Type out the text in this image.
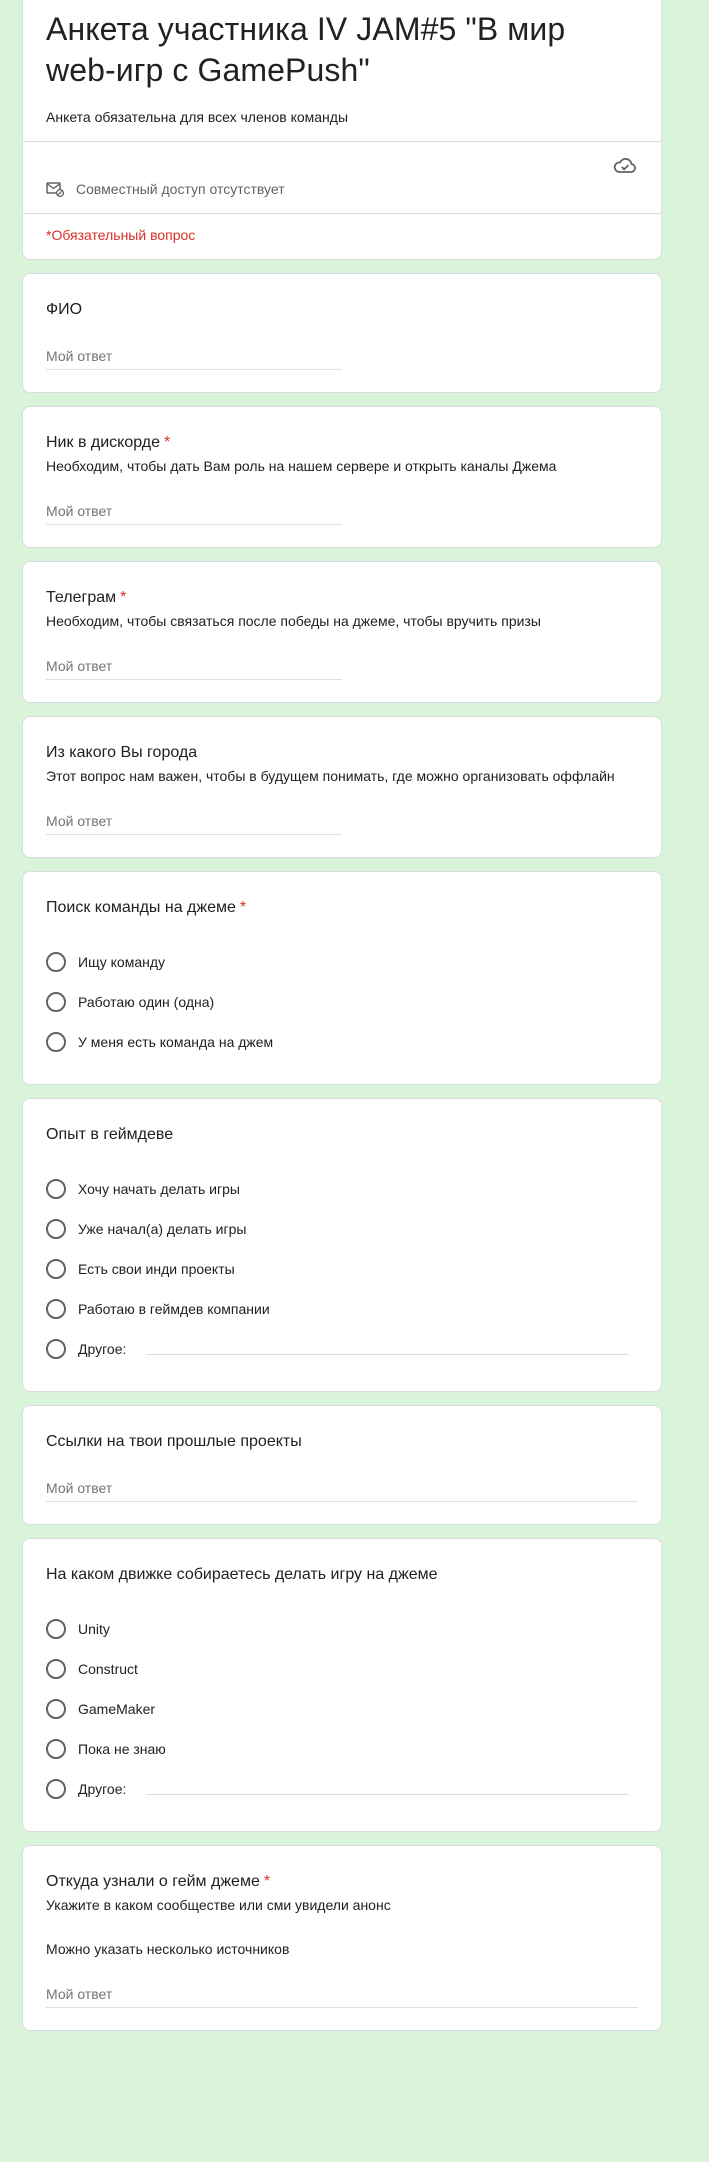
Анкета участника IV JAM#5 "В мир web-игр с GamePush"
Анкета обязательна для всех членов команды
Совместный доступ отсутствует
*Обязательный вопрос
ФИО
Мой ответ
Ник в дискорде *
Необходим, чтобы дать Вам роль на нашем сервере и открыть каналы Джема
Мой ответ
Телеграм *
Необходим, чтобы связаться после победы на джеме, чтобы вручить призы
Мой ответ
Из какого Вы города
Этот вопрос нам важен, чтобы в будущем понимать, где можно организовать оффлайн
Мой ответ
Поиск команды на джеме *
Ищу команду
Работаю один (одна)
У меня есть команда на джем
Опыт в геймдеве
Хочу начать делать игры
Уже начал(а) делать игры
Есть свои инди проекты
Работаю в геймдев компании
Другое:
Ссылки на твои прошлые проекты
Мой ответ
На каком движке собираетесь делать игру на джеме
Unity
Construct
GameMaker
Пока не знаю
Другое:
Откуда узнали о гейм джеме *
Укажите в каком сообществе или сми увидели анонс
Можно указать несколько источников
Мой ответ
